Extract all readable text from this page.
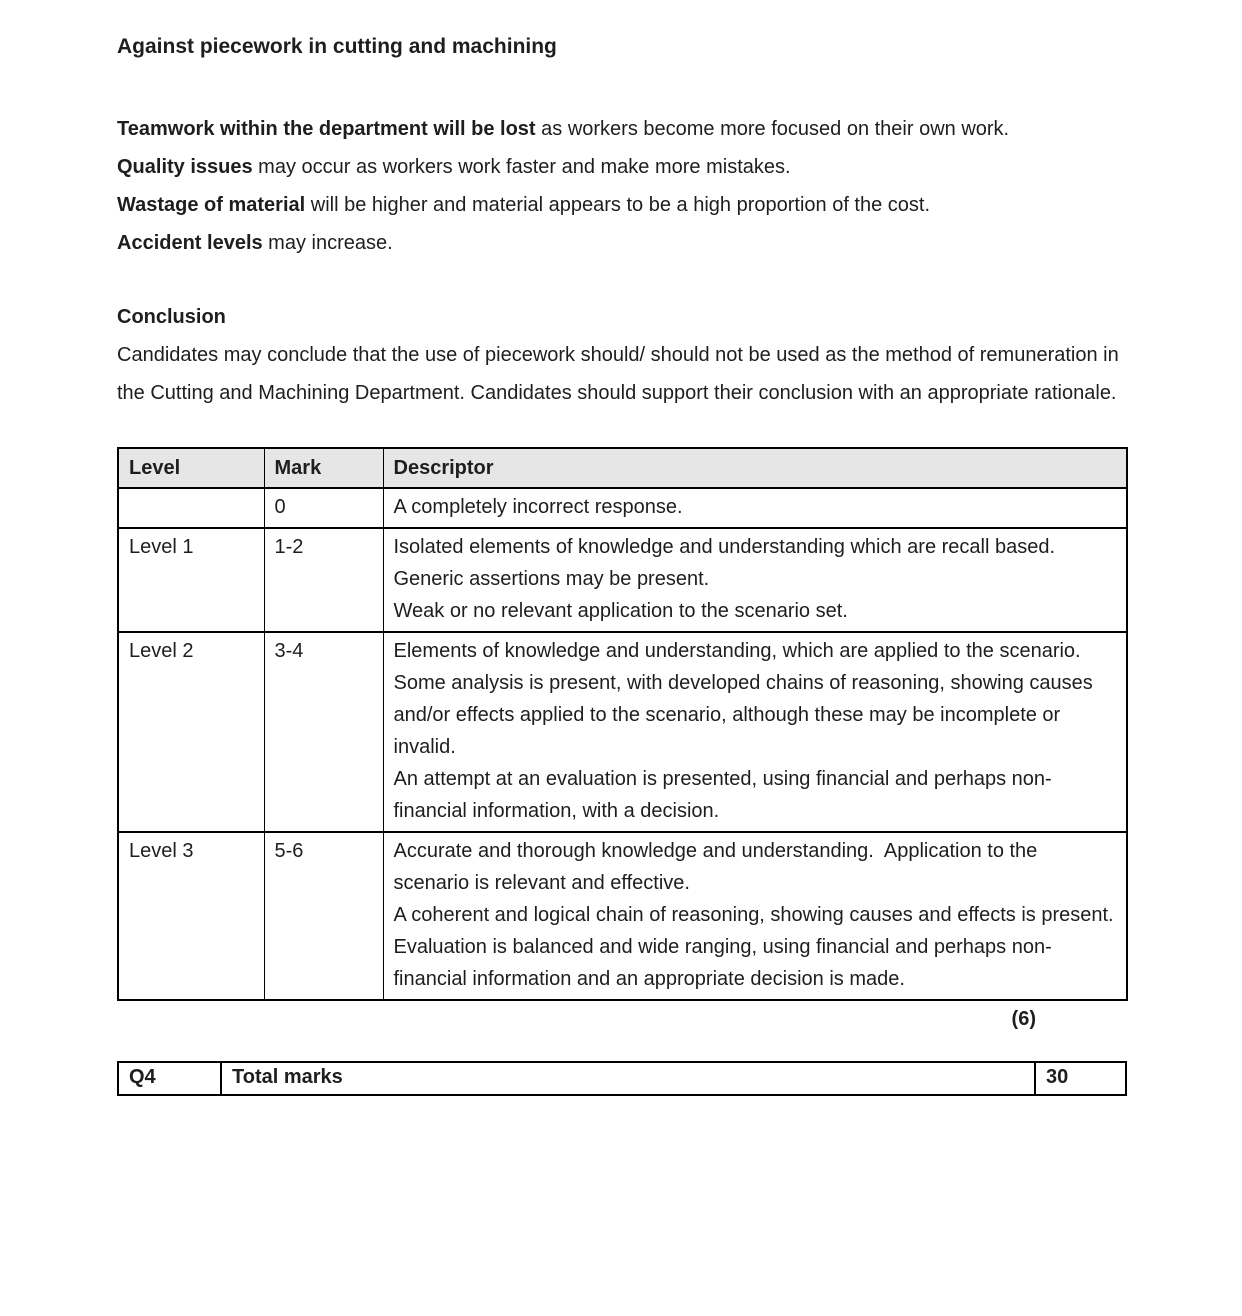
Against piecework in cutting and machining

Teamwork within the department will be lost as workers become more focused on their own work.

Quality issues may occur as workers work faster and make more mistakes.

Wastage of material will be higher and material appears to be a high proportion of the cost.

Accident levels may increase.

Conclusion

Candidates may conclude that the use of piecework should/ should not be used as the method of remuneration in the Cutting and Machining Department. Candidates should support their conclusion with an appropriate rationale.

Level	Mark	Descriptor
	0	A completely incorrect response.

Level 1	1-2	Isolated elements of knowledge and understanding which are recall based.
Generic assertions may be present.
Weak or no relevant application to the scenario set.

Level 2	3-4	Elements of knowledge and understanding, which are applied to the scenario.
Some analysis is present, with developed chains of reasoning, showing causes and/or effects applied to the scenario, although these may be incomplete or invalid.
An attempt at an evaluation is presented, using financial and perhaps non-financial information, with a decision.

Level 3	5-6	Accurate and thorough knowledge and understanding.  Application to the scenario is relevant and effective.
A coherent and logical chain of reasoning, showing causes and effects is present.
Evaluation is balanced and wide ranging, using financial and perhaps non-financial information and an appropriate decision is made.
(6)
Q4	Total marks	30
